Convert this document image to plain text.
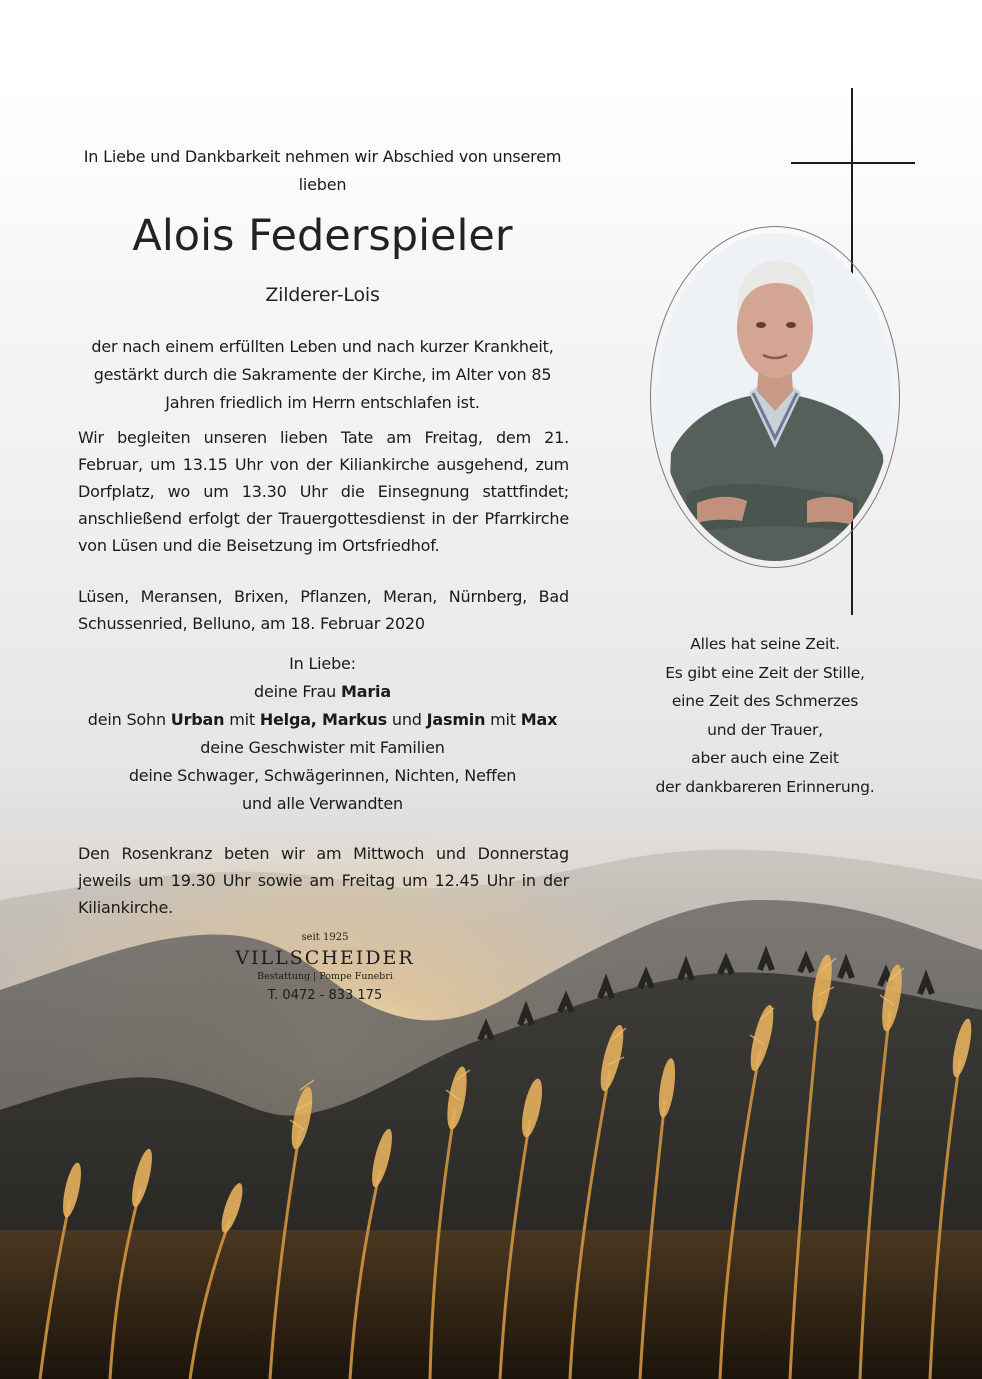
In Liebe und Dankbarkeit nehmen wir Abschied von unserem lieben
Alois Federspieler
Zilderer-Lois
der nach einem erfüllten Leben und nach kurzer Krankheit, gestärkt durch die Sakramente der Kirche, im Alter von 85 Jahren friedlich im Herrn entschlafen ist.
Wir begleiten unseren lieben Tate am Freitag, dem 21. Februar, um 13.15 Uhr von der Kiliankirche ausgehend, zum Dorfplatz, wo um 13.30 Uhr die Einsegnung stattfindet; anschließend erfolgt der Trauergottesdienst in der Pfarrkirche von Lüsen und die Beisetzung im Ortsfriedhof.
Lüsen, Meransen, Brixen, Pflanzen, Meran, Nürnberg, Bad Schussenried, Belluno, am 18. Februar 2020
In Liebe:
deine Frau Maria
dein Sohn Urban mit Helga, Markus und Jasmin mit Max
deine Geschwister mit Familien
deine Schwager, Schwägerinnen, Nichten, Neffen
und alle Verwandten
Den Rosenkranz beten wir am Mittwoch und Donnerstag jeweils um 19.30 Uhr sowie am Freitag um 12.45 Uhr in der Kiliankirche.
Alles hat seine Zeit.
Es gibt eine Zeit der Stille,
eine Zeit des Schmerzes
und der Trauer,
aber auch eine Zeit
der dankbareren Erinnerung.
seit 1925
VILLSCHEIDER
Bestattung | Pompe Funebri
T. 0472 - 833 175
